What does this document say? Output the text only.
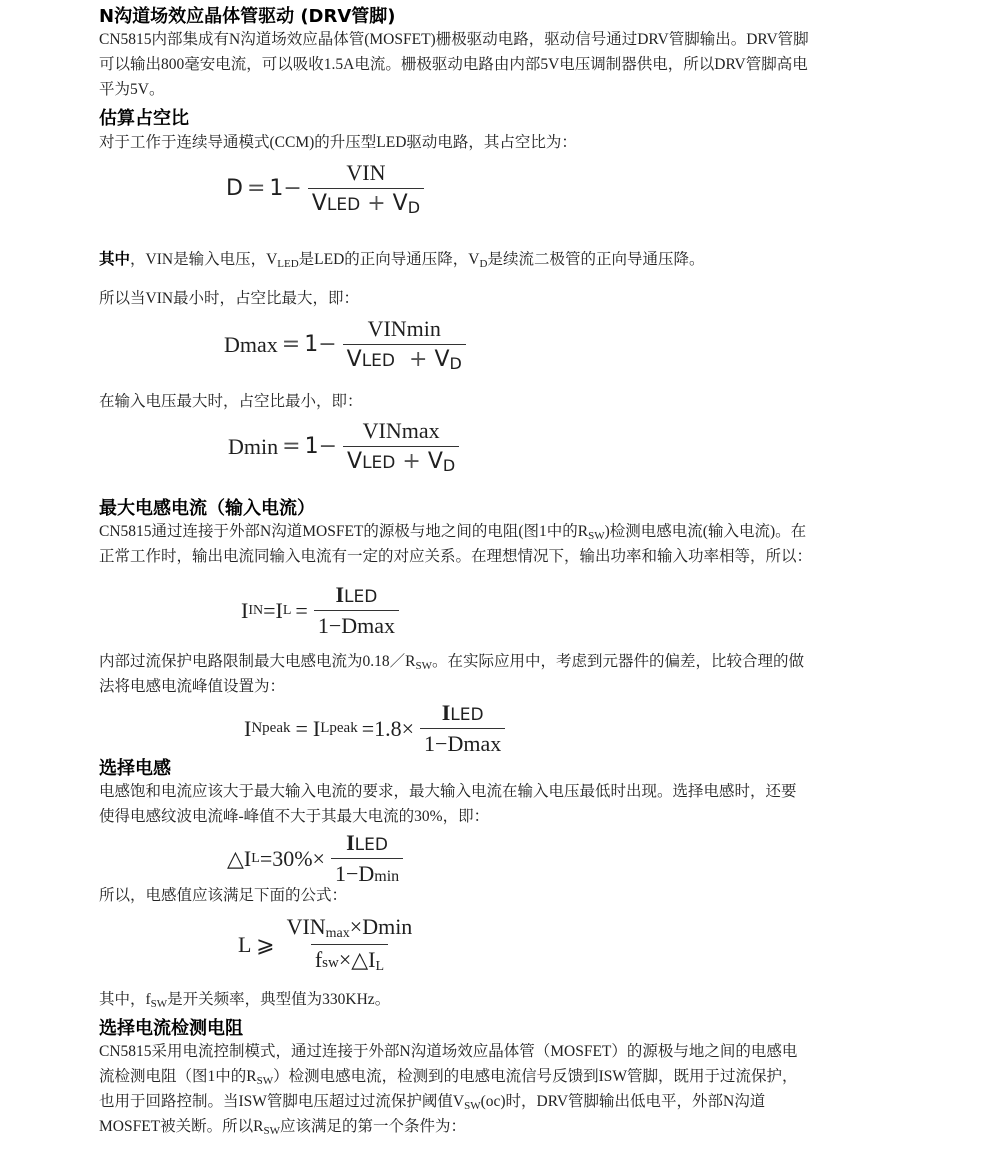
N沟道场效应晶体管驱动 (DRV管脚)
CN5815内部集成有N沟道场效应晶体管(MOSFET)栅极驱动电路，驱动信号通过DRV管脚输出。DRV管脚
可以输出800毫安电流，可以吸收1.5A电流。栅极驱动电路由内部5V电压调制器供电，所以DRV管脚高电
平为5V。
估算占空比
对于工作于连续导通模式(CCM)的升压型LED驱动电路，其占空比为：
$D = 1 - \frac{\text{VIN}}{VLED + V_D}$
其中，VIN是输入电压，$V_{LED}$是LED的正向导通压降，$V_D$是续流二极管的正向导通压降。
所以当VIN最小时，占空比最大，即：
$Dmax = 1 - \frac{\text{VINmin}}{VLED + V_D}$
在输入电压最大时，占空比最小，即：
$Dmin = 1 - \frac{\text{VINmax}}{VLED + V_D}$
最大电感电流（输入电流）
CN5815通过连接于外部N沟道MOSFET的源极与地之间的电阻(图1中的$R_{SW}$)检测电感电流(输入电流)。在
正常工作时，输出电流同输入电流有一定的对应关系。在理想情况下，输出功率和输入功率相等，所以：
I IN = I $L = \frac{\text{ILED}}{1-Dmax}$
内部过流保护电路限制最大电感电流为$0.18/R_{SW}$。在实际应用中，考虑到元器件的偏差，比较合理的做
法将电感电流峰值设置为：
I Npeak = I Lpeak $=1.8\times \frac{\text{ILED}}{1-Dmax}$
选择电感
电感饱和电流应该大于最大输入电流的要求，最大输入电流在输入电压最低时出现。选择电感时，还要
使得电感纹波电流峰-峰值不大于其最大电流的30%，即：
△I $L =30\%\times \frac{\text{ILED}}{1-Dmin}$
所以，电感值应该满足下面的公式：
L ⩾ $\frac{VIN_{max}\times Dmin}{fsw\times\triangle I_L}$
其中，$f_{SW}$是开关频率，典型值为330KHz。
选择电流检测电阻
CN5815采用电流控制模式，通过连接于外部N沟道场效应晶体管（MOSFET）的源极与地之间的电感电
流检测电阻（图1中的$R_{SW}$）检测电感电流，检测到的电感电流信号反馈到ISW管脚，既用于过流保护，
也用于回路控制。当ISW管脚电压超过过流保护阈值$V_{SW}(oc)$时，DRV管脚输出低电平，外部N沟道
MOSFET被关断。所以$R_{SW}$应该满足的第一个条件为：
